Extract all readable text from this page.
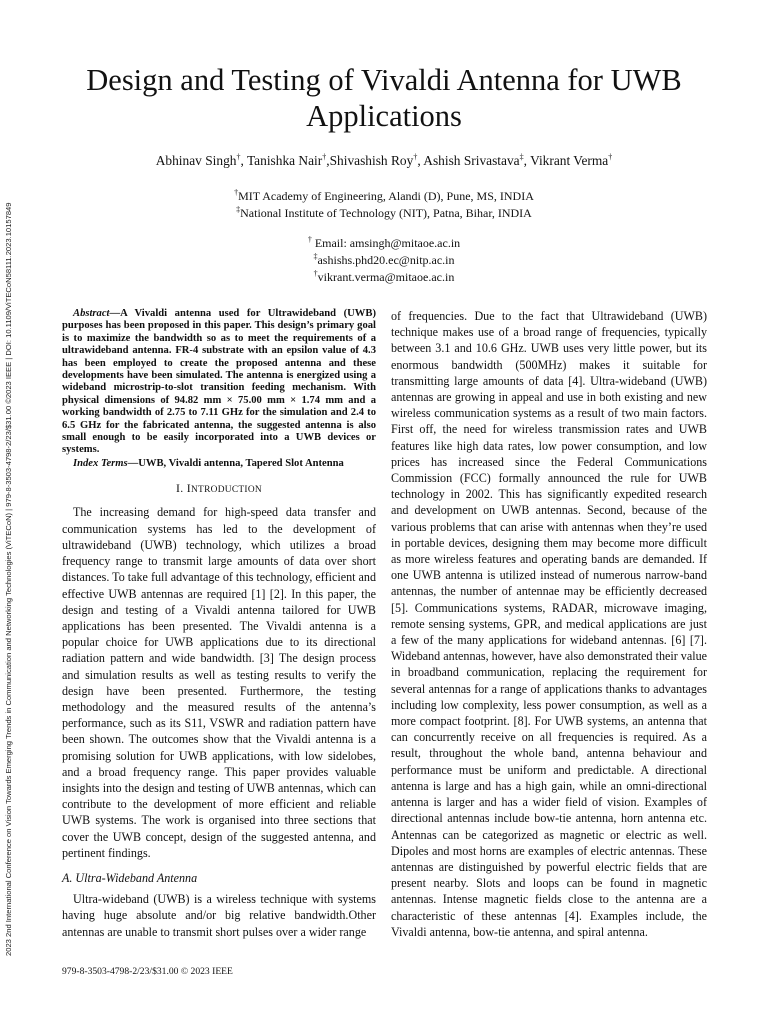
2023 2nd International Conference on Vision Towards Emerging Trends in Communication and Networking Technologies (ViTECoN) | 979-8-3503-4798-2/23/$31.00 ©2023 IEEE | DOI: 10.1109/ViTECoN58111.2023.10157849
Design and Testing of Vivaldi Antenna for UWB
Applications
Abhinav Singh†, Tanishka Nair†,Shivashish Roy†, Ashish Srivastava‡, Vikrant Verma†
†MIT Academy of Engineering, Alandi (D), Pune, MS, INDIA
‡National Institute of Technology (NIT), Patna, Bihar, INDIA
† Email: amsingh@mitaoe.ac.in
‡ashishs.phd20.ec@nitp.ac.in
†vikrant.verma@mitaoe.ac.in

Abstract—A Vivaldi antenna used for Ultrawideband (UWB) purposes has been proposed in this paper. This design’s primary goal is to maximize the bandwidth so as to meet the requirements of a ultrawideband antenna. FR-4 substrate with an epsilon value of 4.3 has been employed to create the proposed antenna and these developments have been simulated. The antenna is energized using a wideband microstrip-to-slot transition feeding mechanism. With physical dimensions of 94.82 mm × 75.00 mm × 1.74 mm and a working bandwidth of 2.75 to 7.11 GHz for the simulation and 2.4 to 6.5 GHz for the fabricated antenna, the suggested antenna is also small enough to be easily incorporated into a UWB devices or systems.

Index Terms—UWB, Vivaldi antenna, Tapered Slot Antenna

I. INTRODUCTION

The increasing demand for high-speed data transfer and communication systems has led to the development of ultrawideband (UWB) technology, which utilizes a broad frequency range to transmit large amounts of data over short distances. To take full advantage of this technology, efficient and effective UWB antennas are required [1] [2]. In this paper, the design and testing of a Vivaldi antenna tailored for UWB applications has been presented. The Vivaldi antenna is a popular choice for UWB applications due to its directional radiation pattern and wide bandwidth. [3] The design process and simulation results as well as testing results to verify the design have been presented. Furthermore, the testing methodology and the measured results of the antenna’s performance, such as its S11, VSWR and radiation pattern have been shown. The outcomes show that the Vivaldi antenna is a promising solution for UWB applications, with low sidelobes, and a broad frequency range. This paper provides valuable insights into the design and testing of UWB antennas, which can contribute to the development of more efficient and reliable UWB systems. The work is organised into three sections that cover the UWB concept, design of the suggested antenna, and pertinent findings.

A. Ultra-Wideband Antenna

Ultra-wideband (UWB) is a wireless technique with systems having huge absolute and/or big relative bandwidth.Other antennas are unable to transmit short pulses over a wider range

of frequencies. Due to the fact that Ultrawideband (UWB) technique makes use of a broad range of frequencies, typically between 3.1 and 10.6 GHz. UWB uses very little power, but its enormous bandwidth (500MHz) makes it suitable for transmitting large amounts of data [4]. Ultra-wideband (UWB) antennas are growing in appeal and use in both existing and new wireless communication systems as a result of two main factors. First off, the need for wireless transmission rates and UWB features like high data rates, low power consumption, and low prices has increased since the Federal Communications Commission (FCC) formally announced the rule for UWB technology in 2002. This has significantly expedited research and development on UWB antennas. Second, because of the various problems that can arise with antennas when they’re used in portable devices, designing them may become more difficult as more wireless features and operating bands are demanded. If one UWB antenna is utilized instead of numerous narrow-band antennas, the number of antennae may be efficiently decreased [5]. Communications systems, RADAR, microwave imaging, remote sensing systems, GPR, and medical applications are just a few of the many applications for wideband antennas. [6] [7]. Wideband antennas, however, have also demonstrated their value in broadband communication, replacing the requirement for several antennas for a range of applications thanks to advantages including low complexity, less power consumption, as well as a more compact footprint. [8]. For UWB systems, an antenna that can concurrently receive on all frequencies is required. As a result, throughout the whole band, antenna behaviour and performance must be uniform and predictable. A directional antenna is large and has a high gain, while an omni-directional antenna is larger and has a wider field of vision. Examples of directional antennas include bow-tie antenna, horn antenna etc. Antennas can be categorized as magnetic or electric as well. Dipoles and most horns are examples of electric antennas. These antennas are distinguished by powerful electric fields that are present nearby. Slots and loops can be found in magnetic antennas. Intense magnetic fields close to the antenna are a characteristic of these antennas [4]. Examples include, the Vivaldi antenna, bow-tie antenna, and spiral antenna.

979-8-3503-4798-2/23/$31.00 © 2023 IEEE
